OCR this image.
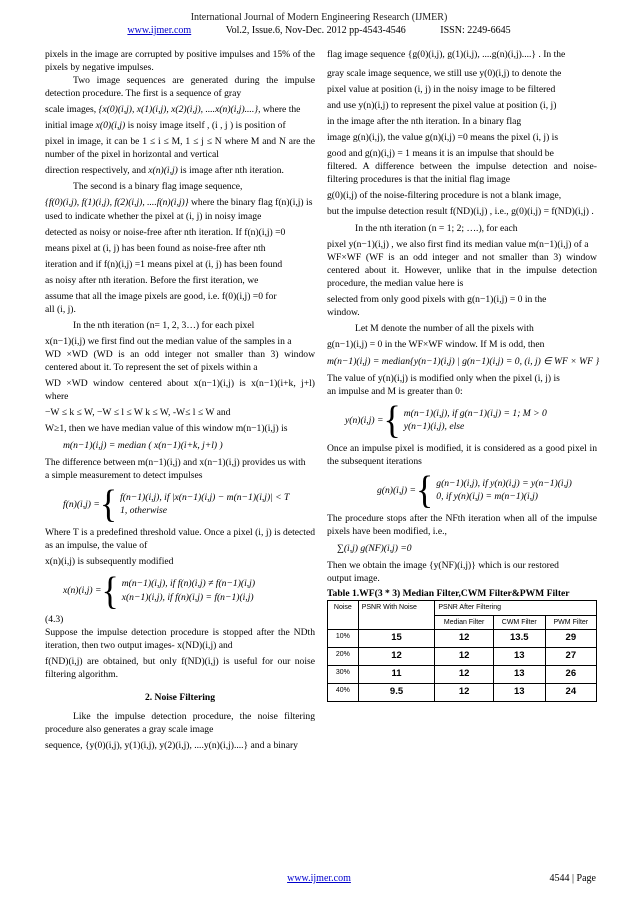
International Journal of Modern Engineering Research (IJMER)
www.ijmer.com	Vol.2, Issue.6, Nov-Dec. 2012 pp-4543-4546	ISSN: 2249-6645

pixels in the image are corrupted by positive impulses and 15% of the pixels by negative impulses.

Two image sequences are generated during the impulse detection procedure. The first is a sequence of gray

scale images, {x(0)(i,j), x(1)(i,j), x(2)(i,j), ....x(n)(i,j)....}, where the

initial image x(0)(i,j) is noisy image itself , (i , j ) is position of

pixel in image, it can be 1 ≤ i ≤ M, 1 ≤ j ≤ N where M and N are the number of the pixel in horizontal and vertical

direction respectively, and x(n)(i,j) is image after nth iteration.

The second is a binary flag image sequence,

{f(0)(i,j), f(1)(i,j), f(2)(i,j), ....f(n)(i,j)} where the binary flag f(n)(i,j) is

used to indicate whether the pixel at (i, j) in noisy image

detected as noisy or noise-free after nth iteration. If f(n)(i,j) =0

means pixel at (i, j) has been found as noise-free after nth

iteration and if f(n)(i,j) =1 means pixel at (i, j) has been found

as noisy after nth iteration. Before the first iteration, we

assume that all the image pixels are good, i.e. f(0)(i,j) =0 for

all (i, j).

In the nth iteration (n= 1, 2, 3…) for each pixel

x(n−1)(i,j) we first find out the median value of the samples in a

WD ×WD (WD is an odd integer not smaller than 3) window centered about it. To represent the set of pixels within a

WD ×WD window centered about x(n−1)(i,j) is x(n−1)(i+k, j+l) where

−W ≤ k ≤ W, −W ≤ l ≤ W k ≤ W, -W≤ l ≤ W and

W≥1, then we have median value of this window m(n−1)(i,j) is

m(n−1)(i,j) = median ( x(n−1)(i+k, j+l) )

The difference between m(n−1)(i,j) and x(n−1)(i,j) provides us with

a simple measurement to detect impulses

f(n)(i,j) = { f(n−1)(i,j), if |x(n−1)(i,j) − m(n−1)(i,j)| < T
1, otherwise

Where T is a predefined threshold value. Once a pixel (i, j) is detected as an impulse, the value of

x(n)(i,j) is subsequently modified

x(n)(i,j) = { m(n−1)(i,j), if f(n)(i,j) ≠ f(n−1)(i,j)
x(n−1)(i,j), if f(n)(i,j) = f(n−1)(i,j)

(4.3)

Suppose the impulse detection procedure is stopped after the NDth iteration, then two output images- x(ND)(i,j) and

f(ND)(i,j) are obtained, but only f(ND)(i,j) is useful for our noise filtering algorithm.

2. Noise Filtering

Like the impulse detection procedure, the noise filtering procedure also generates a gray scale image

sequence, {y(0)(i,j), y(1)(i,j), y(2)(i,j), ....y(n)(i,j)....} and a binary

flag image sequence {g(0)(i,j), g(1)(i,j), ....g(n)(i,j)....} . In the

gray scale image sequence, we still use y(0)(i,j) to denote the

pixel value at position (i, j) in the noisy image to be filtered

and use y(n)(i,j) to represent the pixel value at position (i, j)

in the image after the nth iteration. In a binary flag

image g(n)(i,j), the value g(n)(i,j) =0 means the pixel (i, j) is

good and g(n)(i,j) = 1 means it is an impulse that should be

filtered. A difference between the impulse detection and noise-filtering procedures is that the initial flag image

g(0)(i,j) of the noise-filtering procedure is not a blank image,

but the impulse detection result f(ND)(i,j) , i.e., g(0)(i,j) = f(ND)(i,j) .

In the nth iteration (n = 1; 2; ….), for each

pixel y(n−1)(i,j) , we also first find its median value m(n−1)(i,j) of a

WF×WF (WF is an odd integer and not smaller than 3) window centered about it. However, unlike that in the impulse detection procedure, the median value here is

selected from only good pixels with g(n−1)(i,j) = 0 in the

window.

Let M denote the number of all the pixels with

g(n−1)(i,j) = 0 in the WF×WF window. If M is odd, then

m(n−1)(i,j) = median{y(n−1)(i,j) | g(n−1)(i,j) = 0, (i, j) ∈ WF × WF }

The value of y(n)(i,j) is modified only when the pixel (i, j) is

an impulse and M is greater than 0:

y(n)(i,j) = { m(n−1)(i,j), if g(n−1)(i,j) = 1; M > 0
y(n−1)(i,j), else

Once an impulse pixel is modified, it is considered as a good pixel in the subsequent iterations

g(n)(i,j) = { g(n−1)(i,j), if y(n)(i,j) = y(n−1)(i,j)
0, if y(n)(i,j) = m(n−1)(i,j)

The procedure stops after the NFth iteration when all of the impulse pixels have been modified, i.e.,

∑(i,j) g(NF)(i,j) =0

Then we obtain the image {y(NF)(i,j)} which is our restored

output image.

Table 1.WF(3 * 3) Median Filter,CWM Filter&PWM Filter
Noise	PSNR With Noise	PSNR After Filtering		
		Median Filter	CWM Filter	PWM Filter
10%	15	12	13.5	29
20%	12	12	13	27
30%	11	12	13	26
40%	9.5	12	13	24
www.ijmer.com	4544 | Page
